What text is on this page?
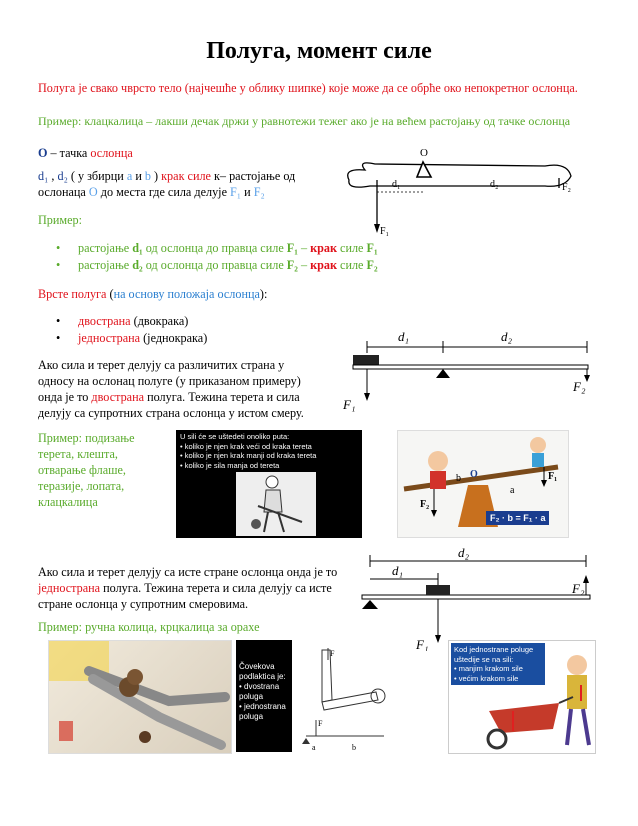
Полуга, момент силе

Полуга је свако чврсто тело (најчешће у облику шипке) које може да се обрће око непокретног ослонца.

Пример: клацкалица – лакши дечак држи у равнотежи тежег ако је на већем растојању од тачке ослонца

O – тачка ослонца

d₁ , d₂ ( у збирци a и b ) крак силе к– растојање од ослонаца O до места где сила делује F₁ и F₂

Пример:

• растојање d₁ од ослонца до правца силе F₁ – крак силе F₁
• растојање d₂ од ослонца до правца силе F₂ – крак силе F₂

Врсте полуга (на основу положаја ослонца):

• двострана (двокрака)
• једнострана (једнокрака)

Ако сила и терет делују са различитих страна у односу на ослонац полуге (у приказаном примеру) онда је то двострана полуга. Тежина терета и сила делују са супротних страна ослонца у истом смеру.

Пример: подизање терета, клешта, отварање флаше, теразије, лопата, клацкалица

Ако сила и терет делују са исте стране ослонца онда је то једнострана полуга. Тежина терета и сила делују са исте стране ослонца у супротним смеровима.

Пример: ручна колица, крцкалица за орахе

O
d₁	d₂	F₂
F₁
d₁	d₂
F₁
F₂
U sili će se uštedeti onoliko puta:
• koliko je njen krak veći od kraka tereta
• koliko je njen krak manji od kraka tereta
• koliko je sila manja od tereta
b O
a
F₁
F₂
F₂ · b = F₁ · a
d₂
d₁
F₁
F₂
Čovekova
podlaktica je:
• dvostrana
poluga
• jednostrana
poluga
F
F
a	b
Kod jednostrane poluge
uštedije se na sili:
• manjim krakom sile
• većim krakom sile
